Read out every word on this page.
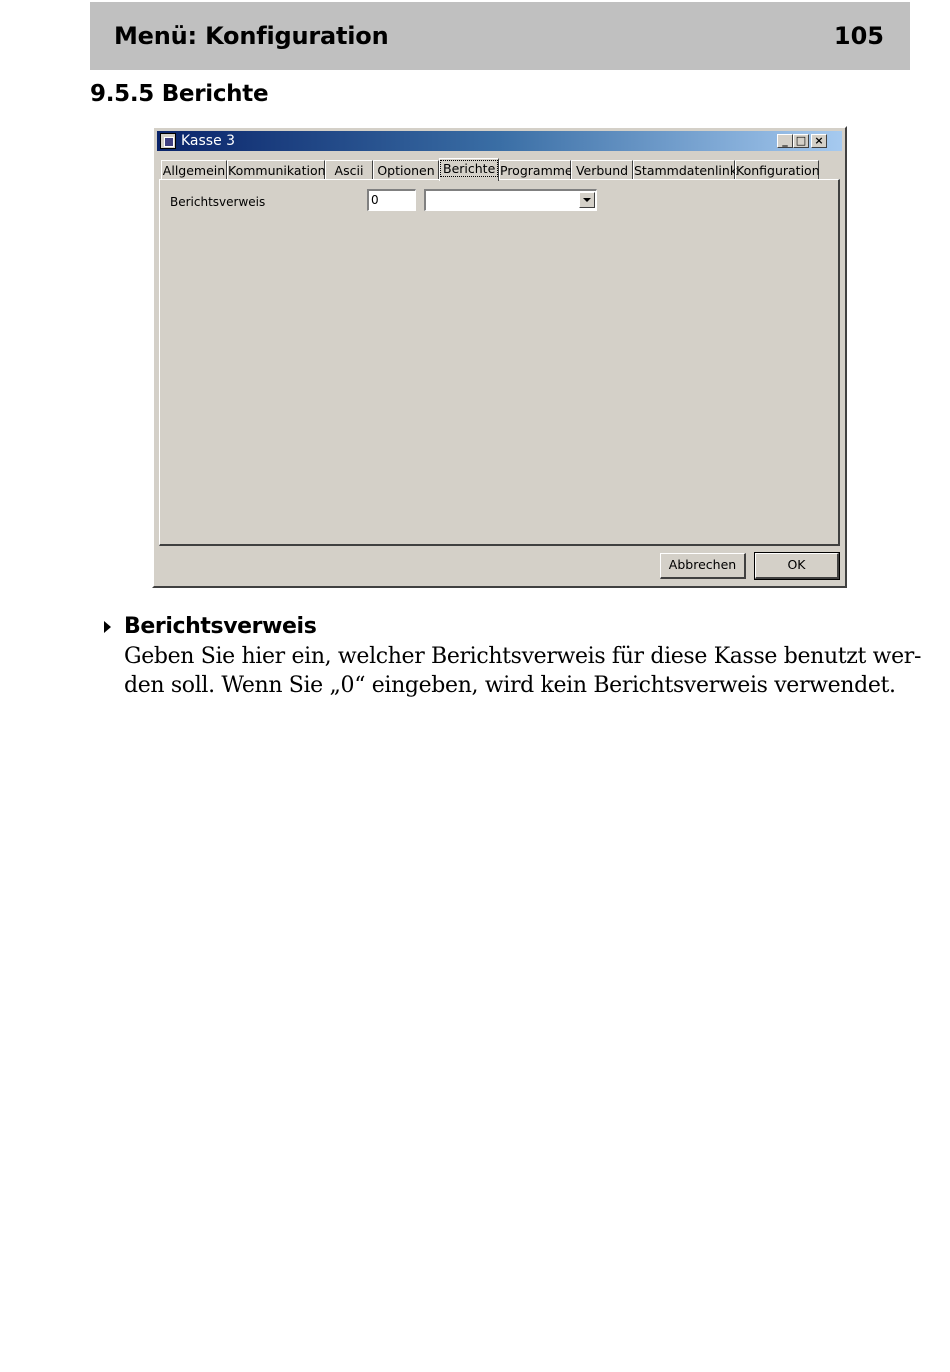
Menü: Konfiguration	105
9.5.5 Berichte
Kasse 3	_ □ ×
Allgemein Kommunikation Ascii	Optionen Berichte Programme Verbund Stammdatenlink
Konfiguration
Berichtsverweis	0
Abbrechen	OK
Berichtsverweis
Geben Sie hier ein, welcher Berichtsverweis für diese Kasse benutzt wer-
den soll. Wenn Sie „0“ eingeben, wird kein Berichtsverweis verwendet.
